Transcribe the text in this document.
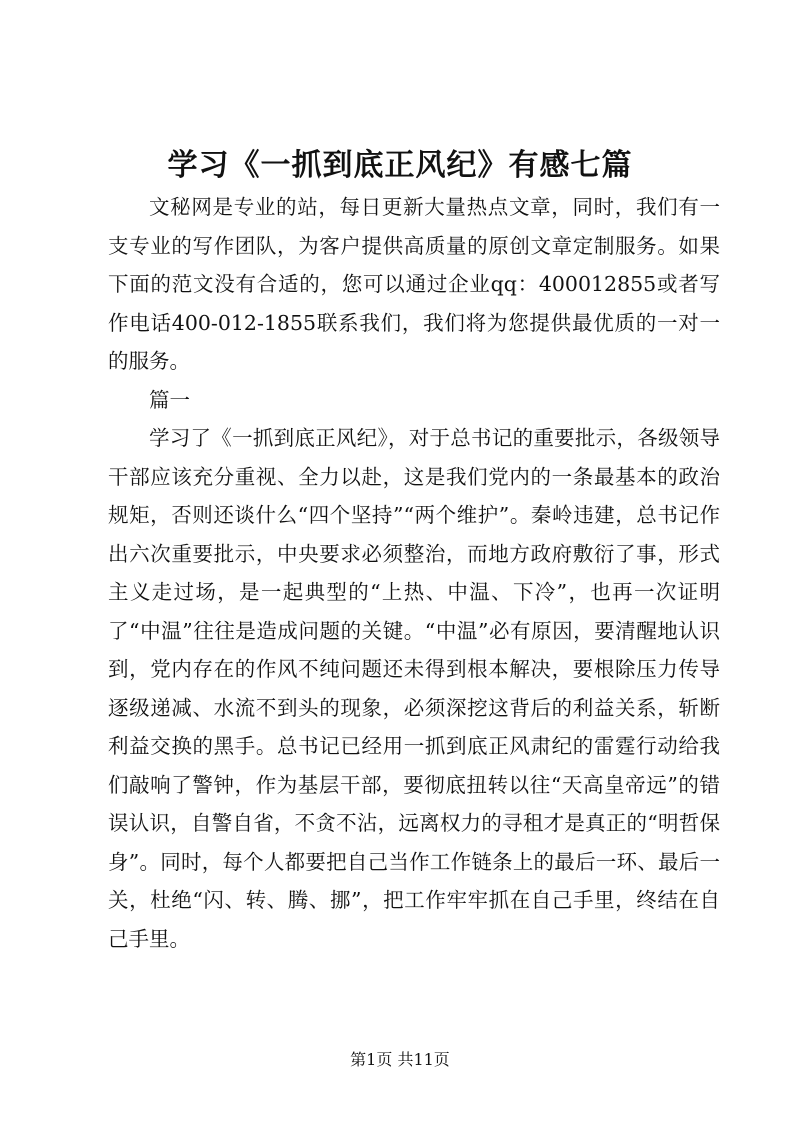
学习《一抓到底正风纪》有感七篇

文秘网是专业的站，每日更新大量热点文章，同时，我们有一支专业的写作团队，为客户提供高质量的原创文章定制服务。如果下面的范文没有合适的，您可以通过企业qq：400012855或者写作电话400-012-1855联系我们，我们将为您提供最优质的一对一的服务。

篇一

学习了《一抓到底正风纪》，对于总书记的重要批示，各级领导干部应该充分重视、全力以赴，这是我们党内的一条最基本的政治规矩，否则还谈什么“四个坚持”“两个维护”。秦岭违建，总书记作出六次重要批示，中央要求必须整治，而地方政府敷衍了事，形式主义走过场，是一起典型的“上热、中温、下冷”，也再一次证明了“中温”往往是造成问题的关键。“中温”必有原因，要清醒地认识到，党内存在的作风不纯问题还未得到根本解决，要根除压力传导逐级递减、水流不到头的现象，必须深挖这背后的利益关系，斩断利益交换的黑手。总书记已经用一抓到底正风肃纪的雷霆行动给我们敲响了警钟，作为基层干部，要彻底扭转以往“天高皇帝远”的错误认识，自警自省，不贪不沾，远离权力的寻租才是真正的“明哲保身”。同时，每个人都要把自己当作工作链条上的最后一环、最后一关，杜绝“闪、转、腾、挪”，把工作牢牢抓在自己手里，终结在自己手里。

第1页 共11页
